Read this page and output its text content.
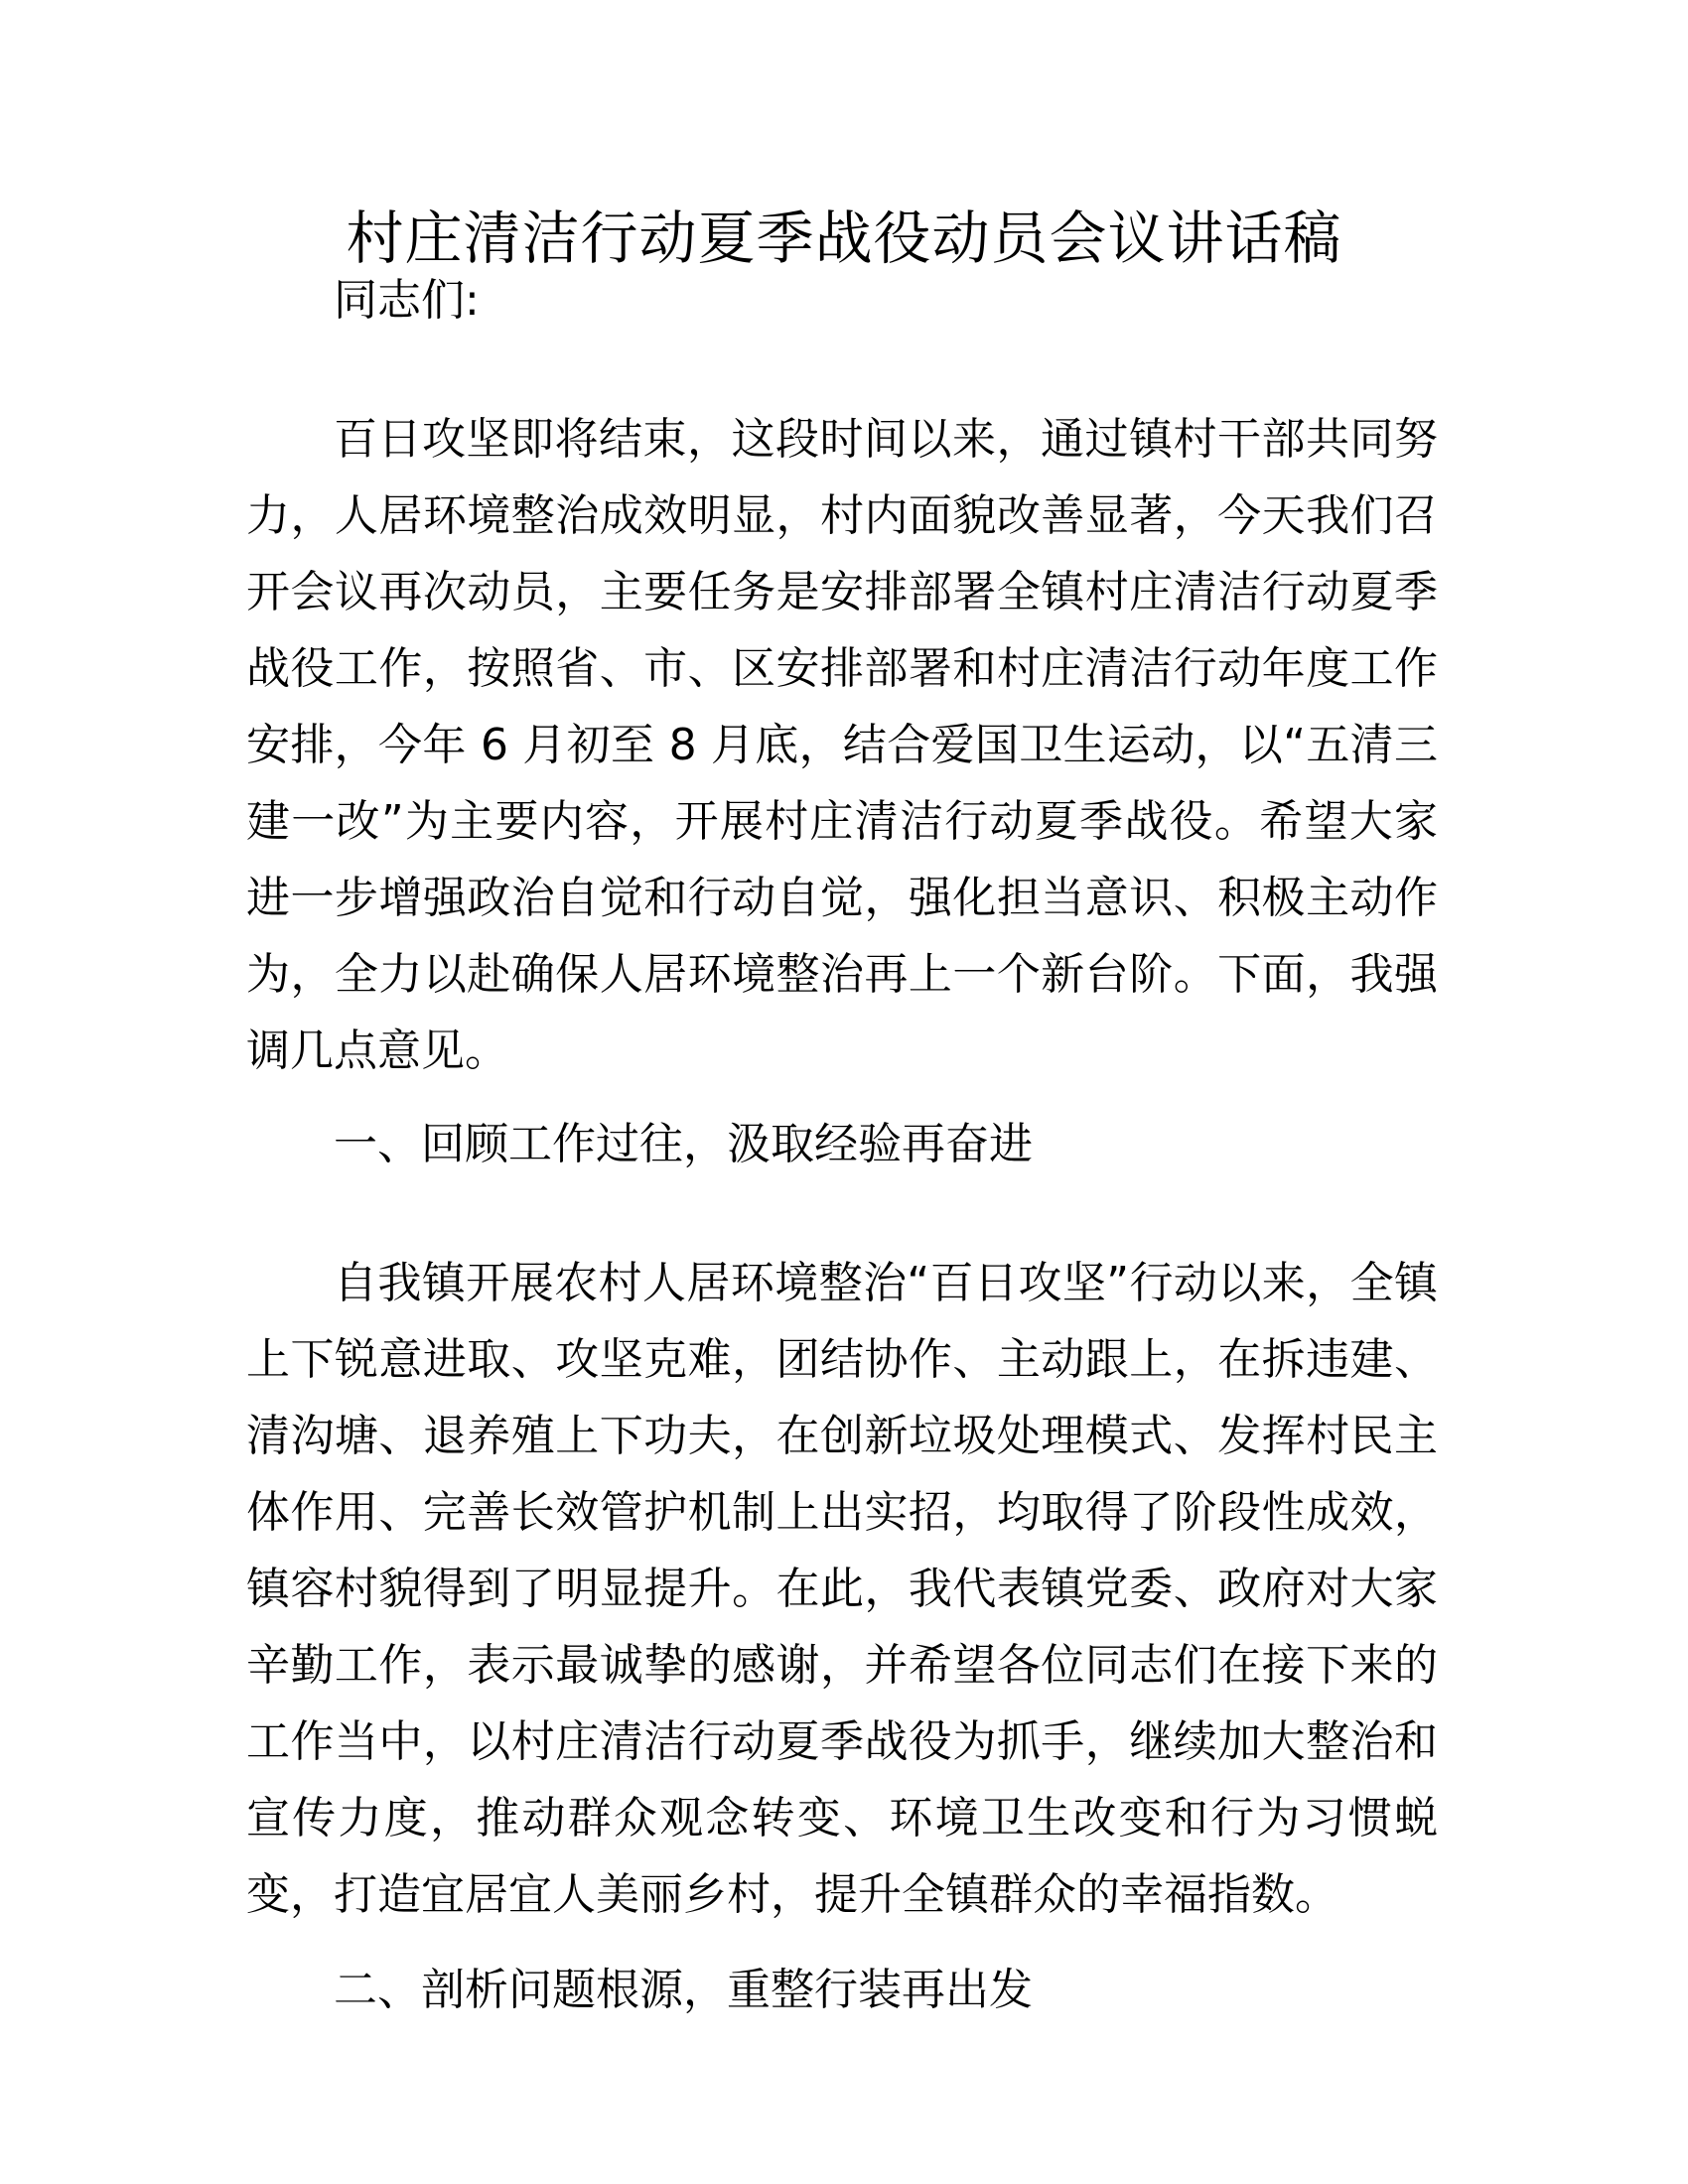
村庄清洁行动夏季战役动员会议讲话稿
同志们:
百日攻坚即将结束，这段时间以来，通过镇村干部共同努力，人居环境整治成效明显，村内面貌改善显著，今天我们召开会议再次动员，主要任务是安排部署全镇村庄清洁行动夏季战役工作，按照省、市、区安排部署和村庄清洁行动年度工作安排，今年 6 月初至 8 月底，结合爱国卫生运动，以“五清三建一改”为主要内容，开展村庄清洁行动夏季战役。希望大家进一步增强政治自觉和行动自觉，强化担当意识、积极主动作为，全力以赴确保人居环境整治再上一个新台阶。下面，我强调几点意见。
一、回顾工作过往，汲取经验再奋进
自我镇开展农村人居环境整治“百日攻坚”行动以来，全镇上下锐意进取、攻坚克难，团结协作、主动跟上，在拆违建、清沟塘、退养殖上下功夫，在创新垃圾处理模式、发挥村民主体作用、完善长效管护机制上出实招，均取得了阶段性成效，镇容村貌得到了明显提升。在此，我代表镇党委、政府对大家辛勤工作，表示最诚挚的感谢，并希望各位同志们在接下来的工作当中，以村庄清洁行动夏季战役为抓手，继续加大整治和宣传力度，推动群众观念转变、环境卫生改变和行为习惯蜕变，打造宜居宜人美丽乡村，提升全镇群众的幸福指数。
二、剖析问题根源，重整行装再出发
